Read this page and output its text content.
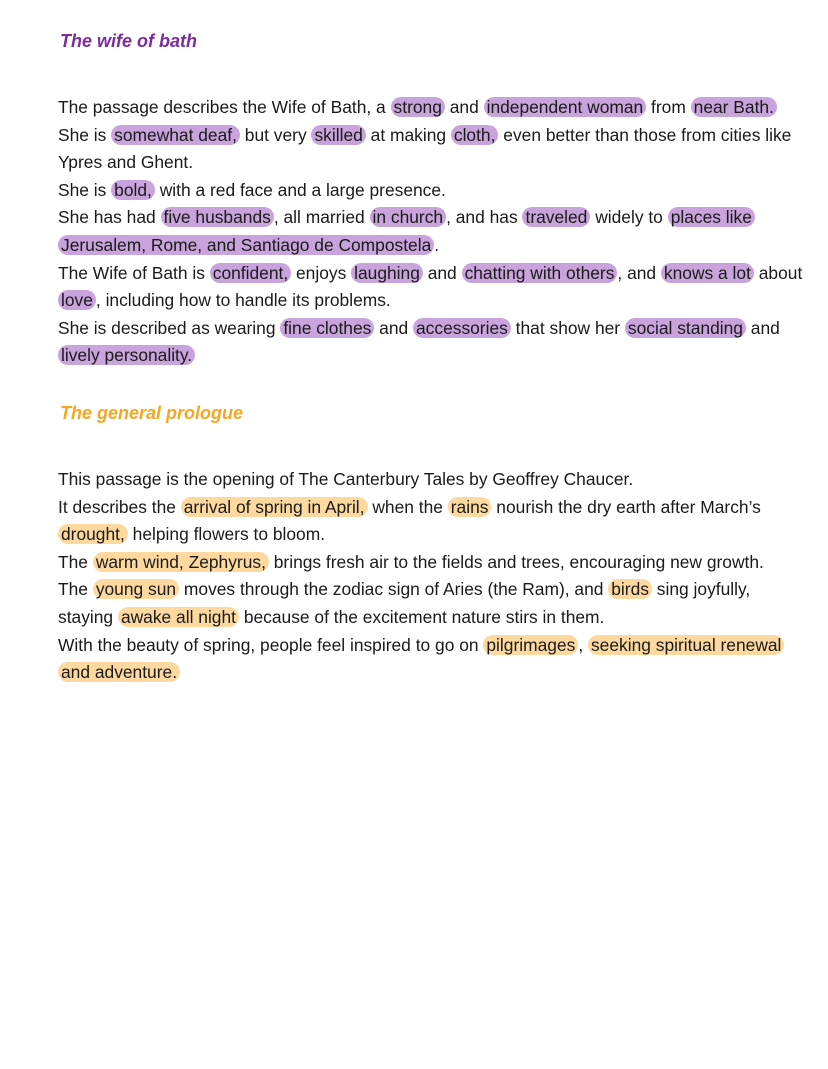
The wife of bath

The passage describes the Wife of Bath, a strong and independent woman from near Bath.

She is somewhat deaf, but very skilled at making cloth, even better than those from cities like Ypres and Ghent.

She is bold, with a red face and a large presence.

She has had five husbands , all married in church , and has traveled widely to places like Jerusalem, Rome, and Santiago de Compostela .

The Wife of Bath is confident, enjoys laughing and chatting with others , and knows a lot about love , including how to handle its problems.

She is described as wearing fine clothes and accessories that show her social standing and lively personality.

The general prologue

This passage is the opening of The Canterbury Tales by Geoffrey Chaucer.

It describes the arrival of spring in April, when the rains nourish the dry earth after March’s drought, helping flowers to bloom.

The warm wind, Zephyrus, brings fresh air to the fields and trees, encouraging new growth.

The young sun moves through the zodiac sign of Aries (the Ram), and birds sing joyfully, staying awake all night because of the excitement nature stirs in them.

With the beauty of spring, people feel inspired to go on pilgrimages , seeking spiritual renewal and adventure.
